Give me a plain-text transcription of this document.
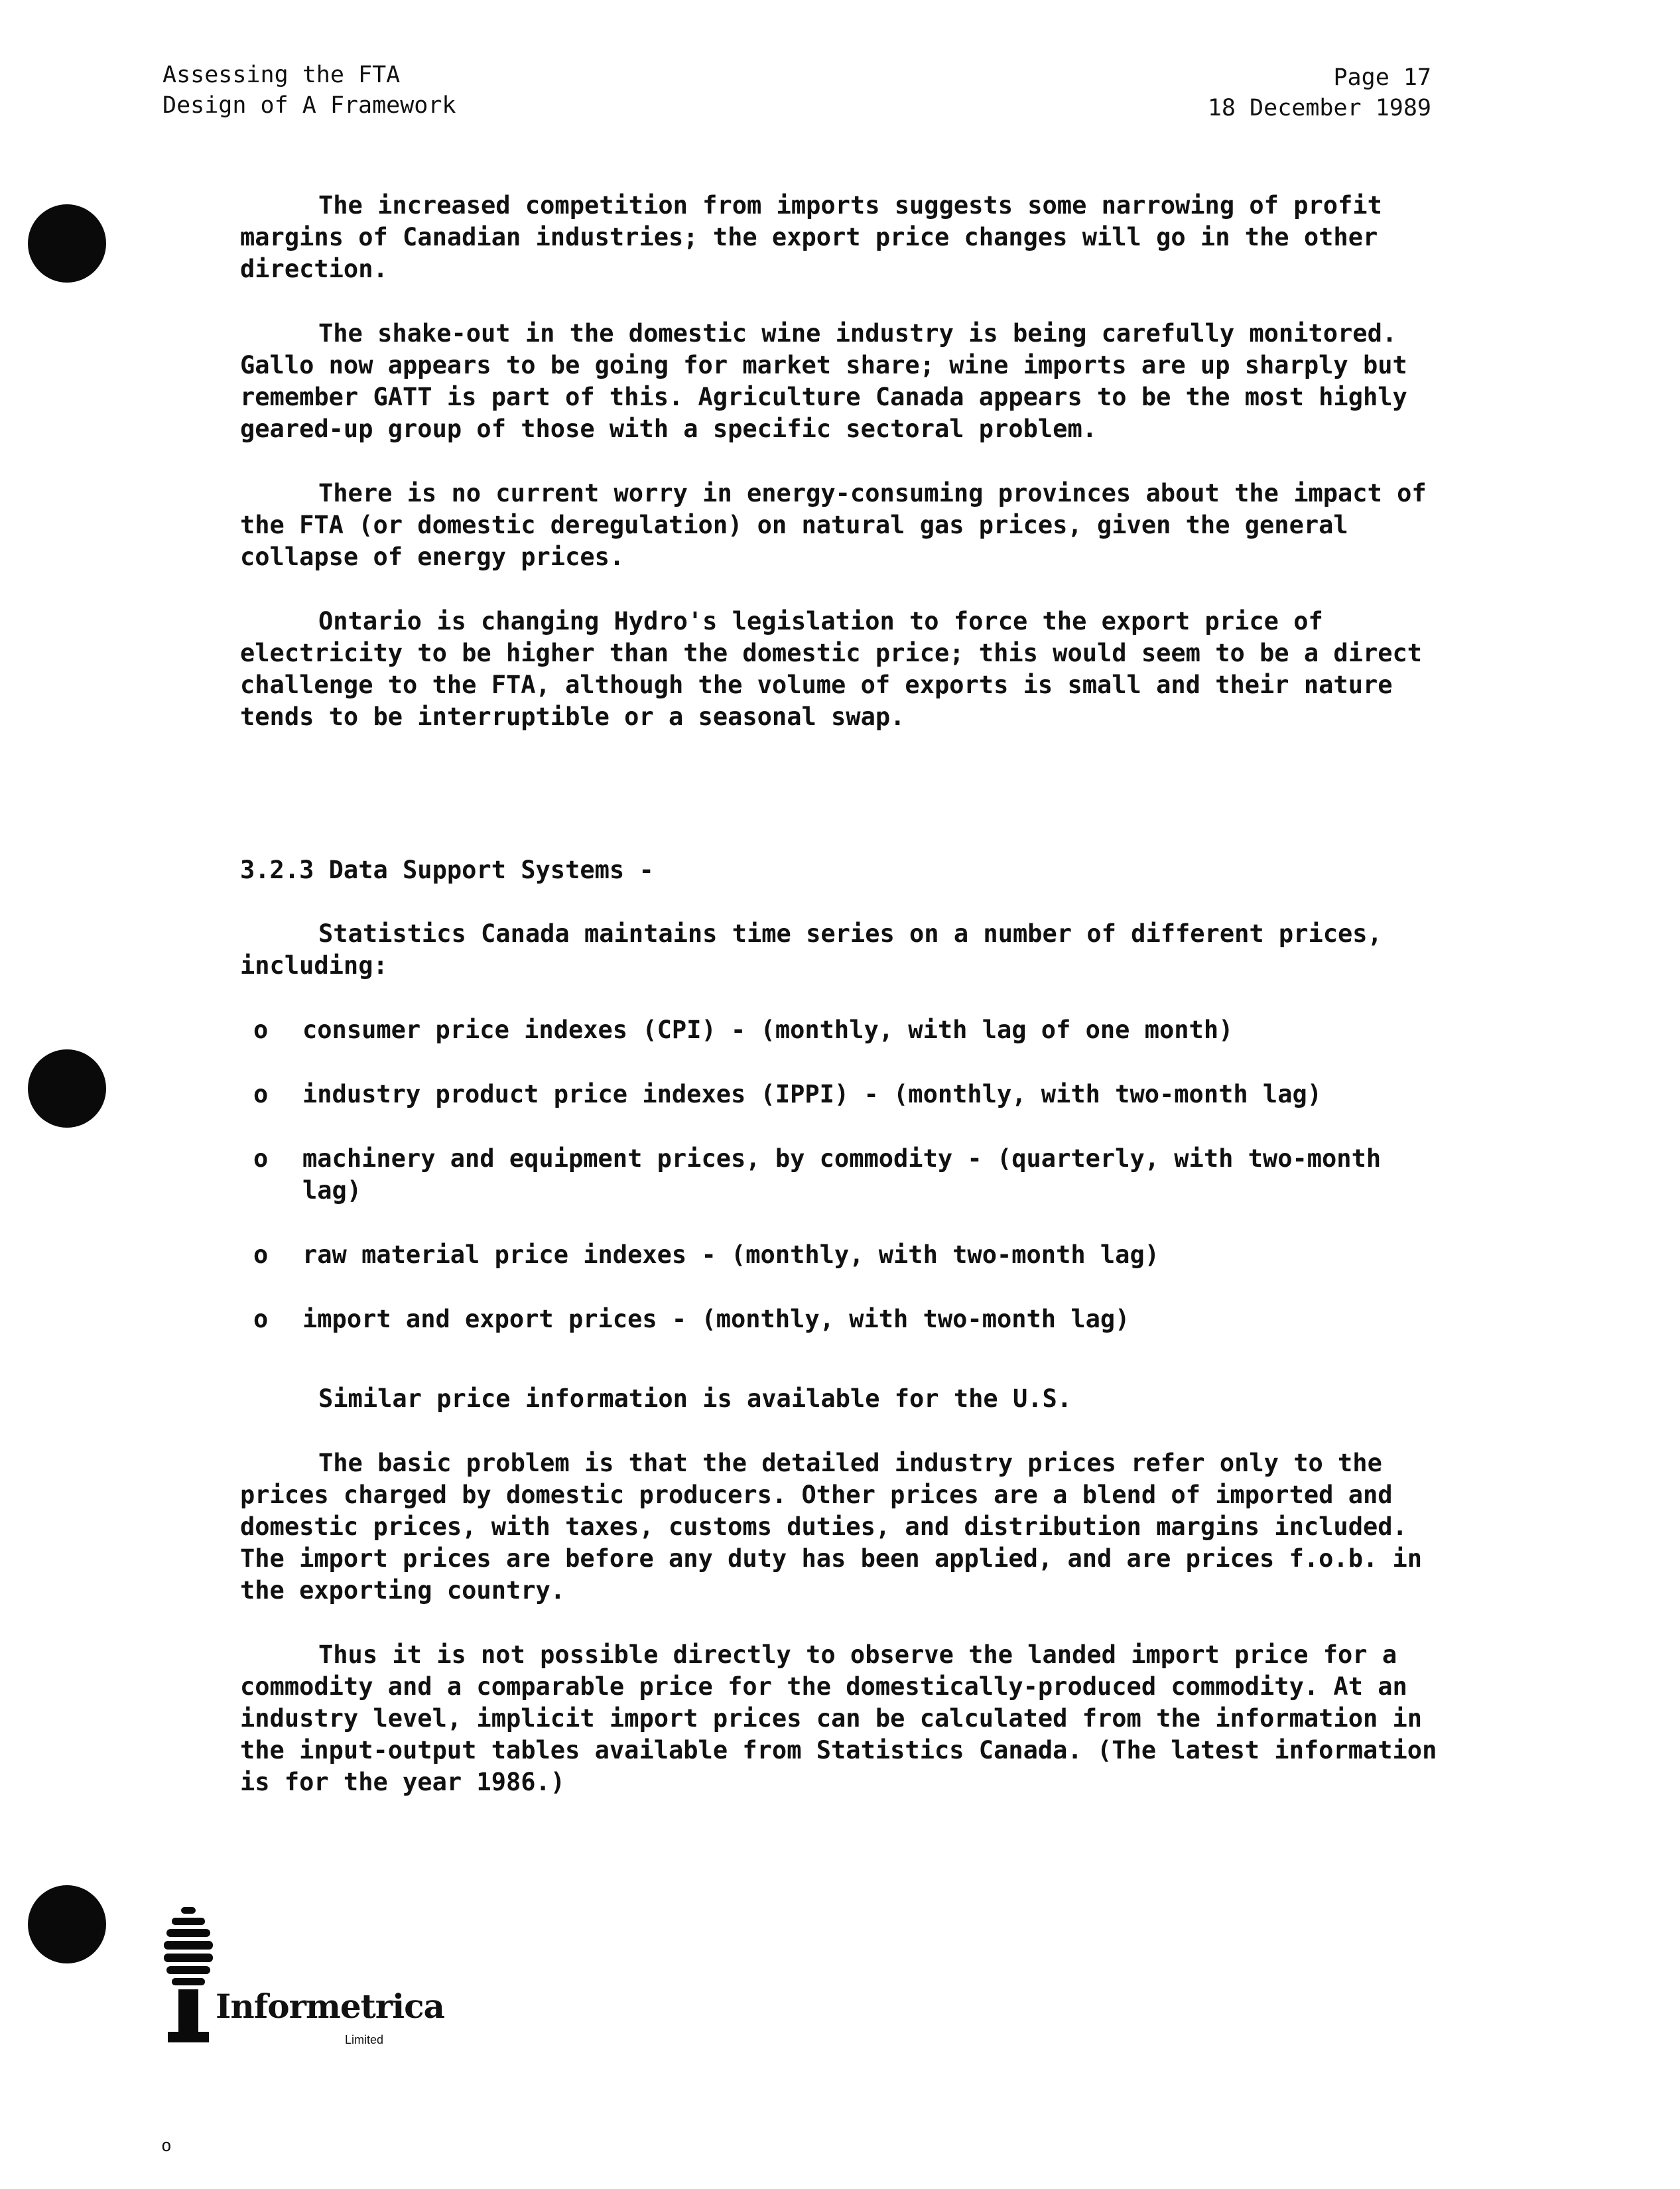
Assessing the FTA
Design of A Framework
Page 17
18 December 1989

The increased competition from imports suggests some narrowing of profit margins of Canadian industries; the export price changes will go in the other direction.

The shake-out in the domestic wine industry is being carefully monitored. Gallo now appears to be going for market share; wine imports are up sharply but remember GATT is part of this. Agriculture Canada appears to be the most highly geared-up group of those with a specific sectoral problem.

There is no current worry in energy-consuming provinces about the impact of the FTA (or domestic deregulation) on natural gas prices, given the general collapse of energy prices.

Ontario is changing Hydro's legislation to force the export price of electricity to be higher than the domestic price; this would seem to be a direct challenge to the FTA, although the volume of exports is small and their nature tends to be interruptible or a seasonal swap.

3.2.3 Data Support Systems -

Statistics Canada maintains time series on a number of different prices, including:

o consumer price indexes (CPI) - (monthly, with lag of one month)
o industry product price indexes (IPPI) - (monthly, with two-month lag)
o machinery and equipment prices, by commodity - (quarterly, with two-month lag)
o raw material price indexes - (monthly, with two-month lag)
o import and export prices - (monthly, with two-month lag)

Similar price information is available for the U.S.

The basic problem is that the detailed industry prices refer only to the prices charged by domestic producers. Other prices are a blend of imported and domestic prices, with taxes, customs duties, and distribution margins included. The import prices are before any duty has been applied, and are prices f.o.b. in the exporting country.

Thus it is not possible directly to observe the landed import price for a commodity and a comparable price for the domestically-produced commodity. At an industry level, implicit import prices can be calculated from the information in the input-output tables available from Statistics Canada. (The latest information is for the year 1986.)

Informetrica
Limited
o
